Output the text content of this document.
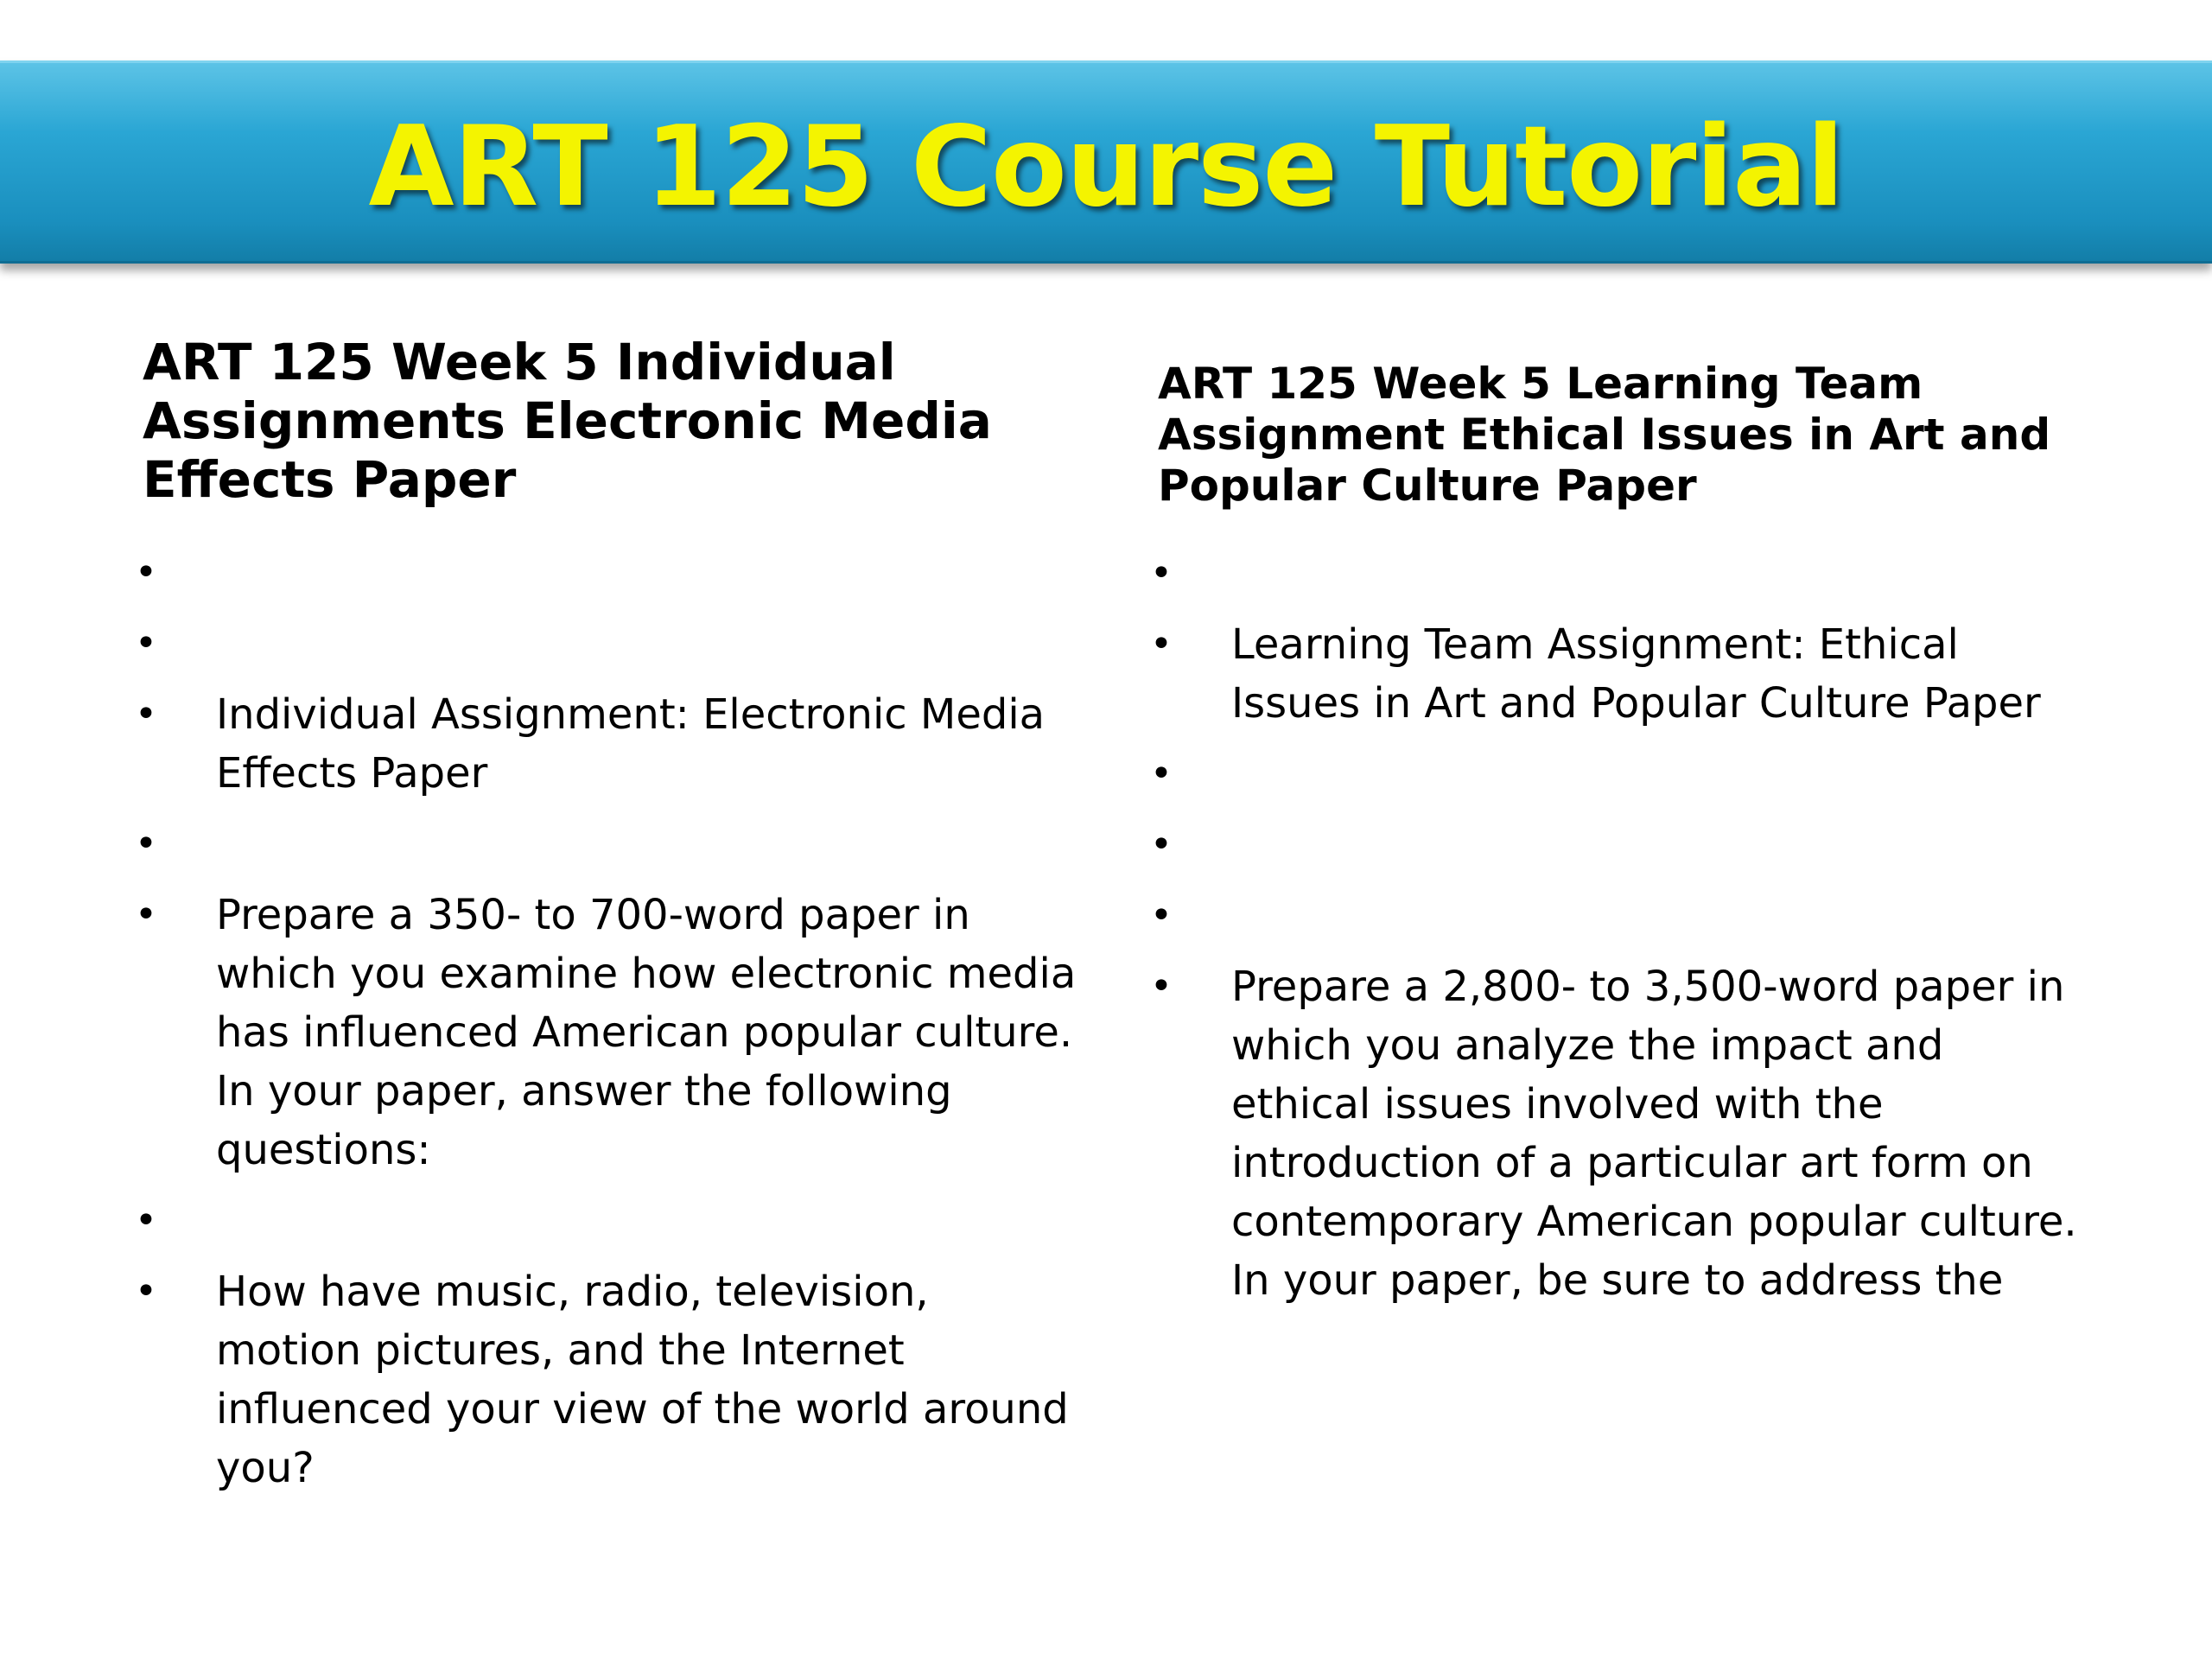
ART 125 Course Tutorial
ART 125 Week 5 Individual Assignments Electronic Media Effects Paper
•
•
• Individual Assignment: Electronic Media Effects Paper
•
• Prepare a 350- to 700-word paper in which you examine how electronic media has influenced American popular culture. In your paper, answer the following questions:
•
• How have music, radio, television, motion pictures, and the Internet influenced your view of the world around you?
ART 125 Week 5 Learning Team Assignment Ethical Issues in Art and Popular Culture Paper
•
• Learning Team Assignment: Ethical Issues in Art and Popular Culture Paper
•
•
•
• Prepare a 2,800- to 3,500-word paper in which you analyze the impact and ethical issues involved with the introduction of a particular art form on contemporary American popular culture. In your paper, be sure to address the
